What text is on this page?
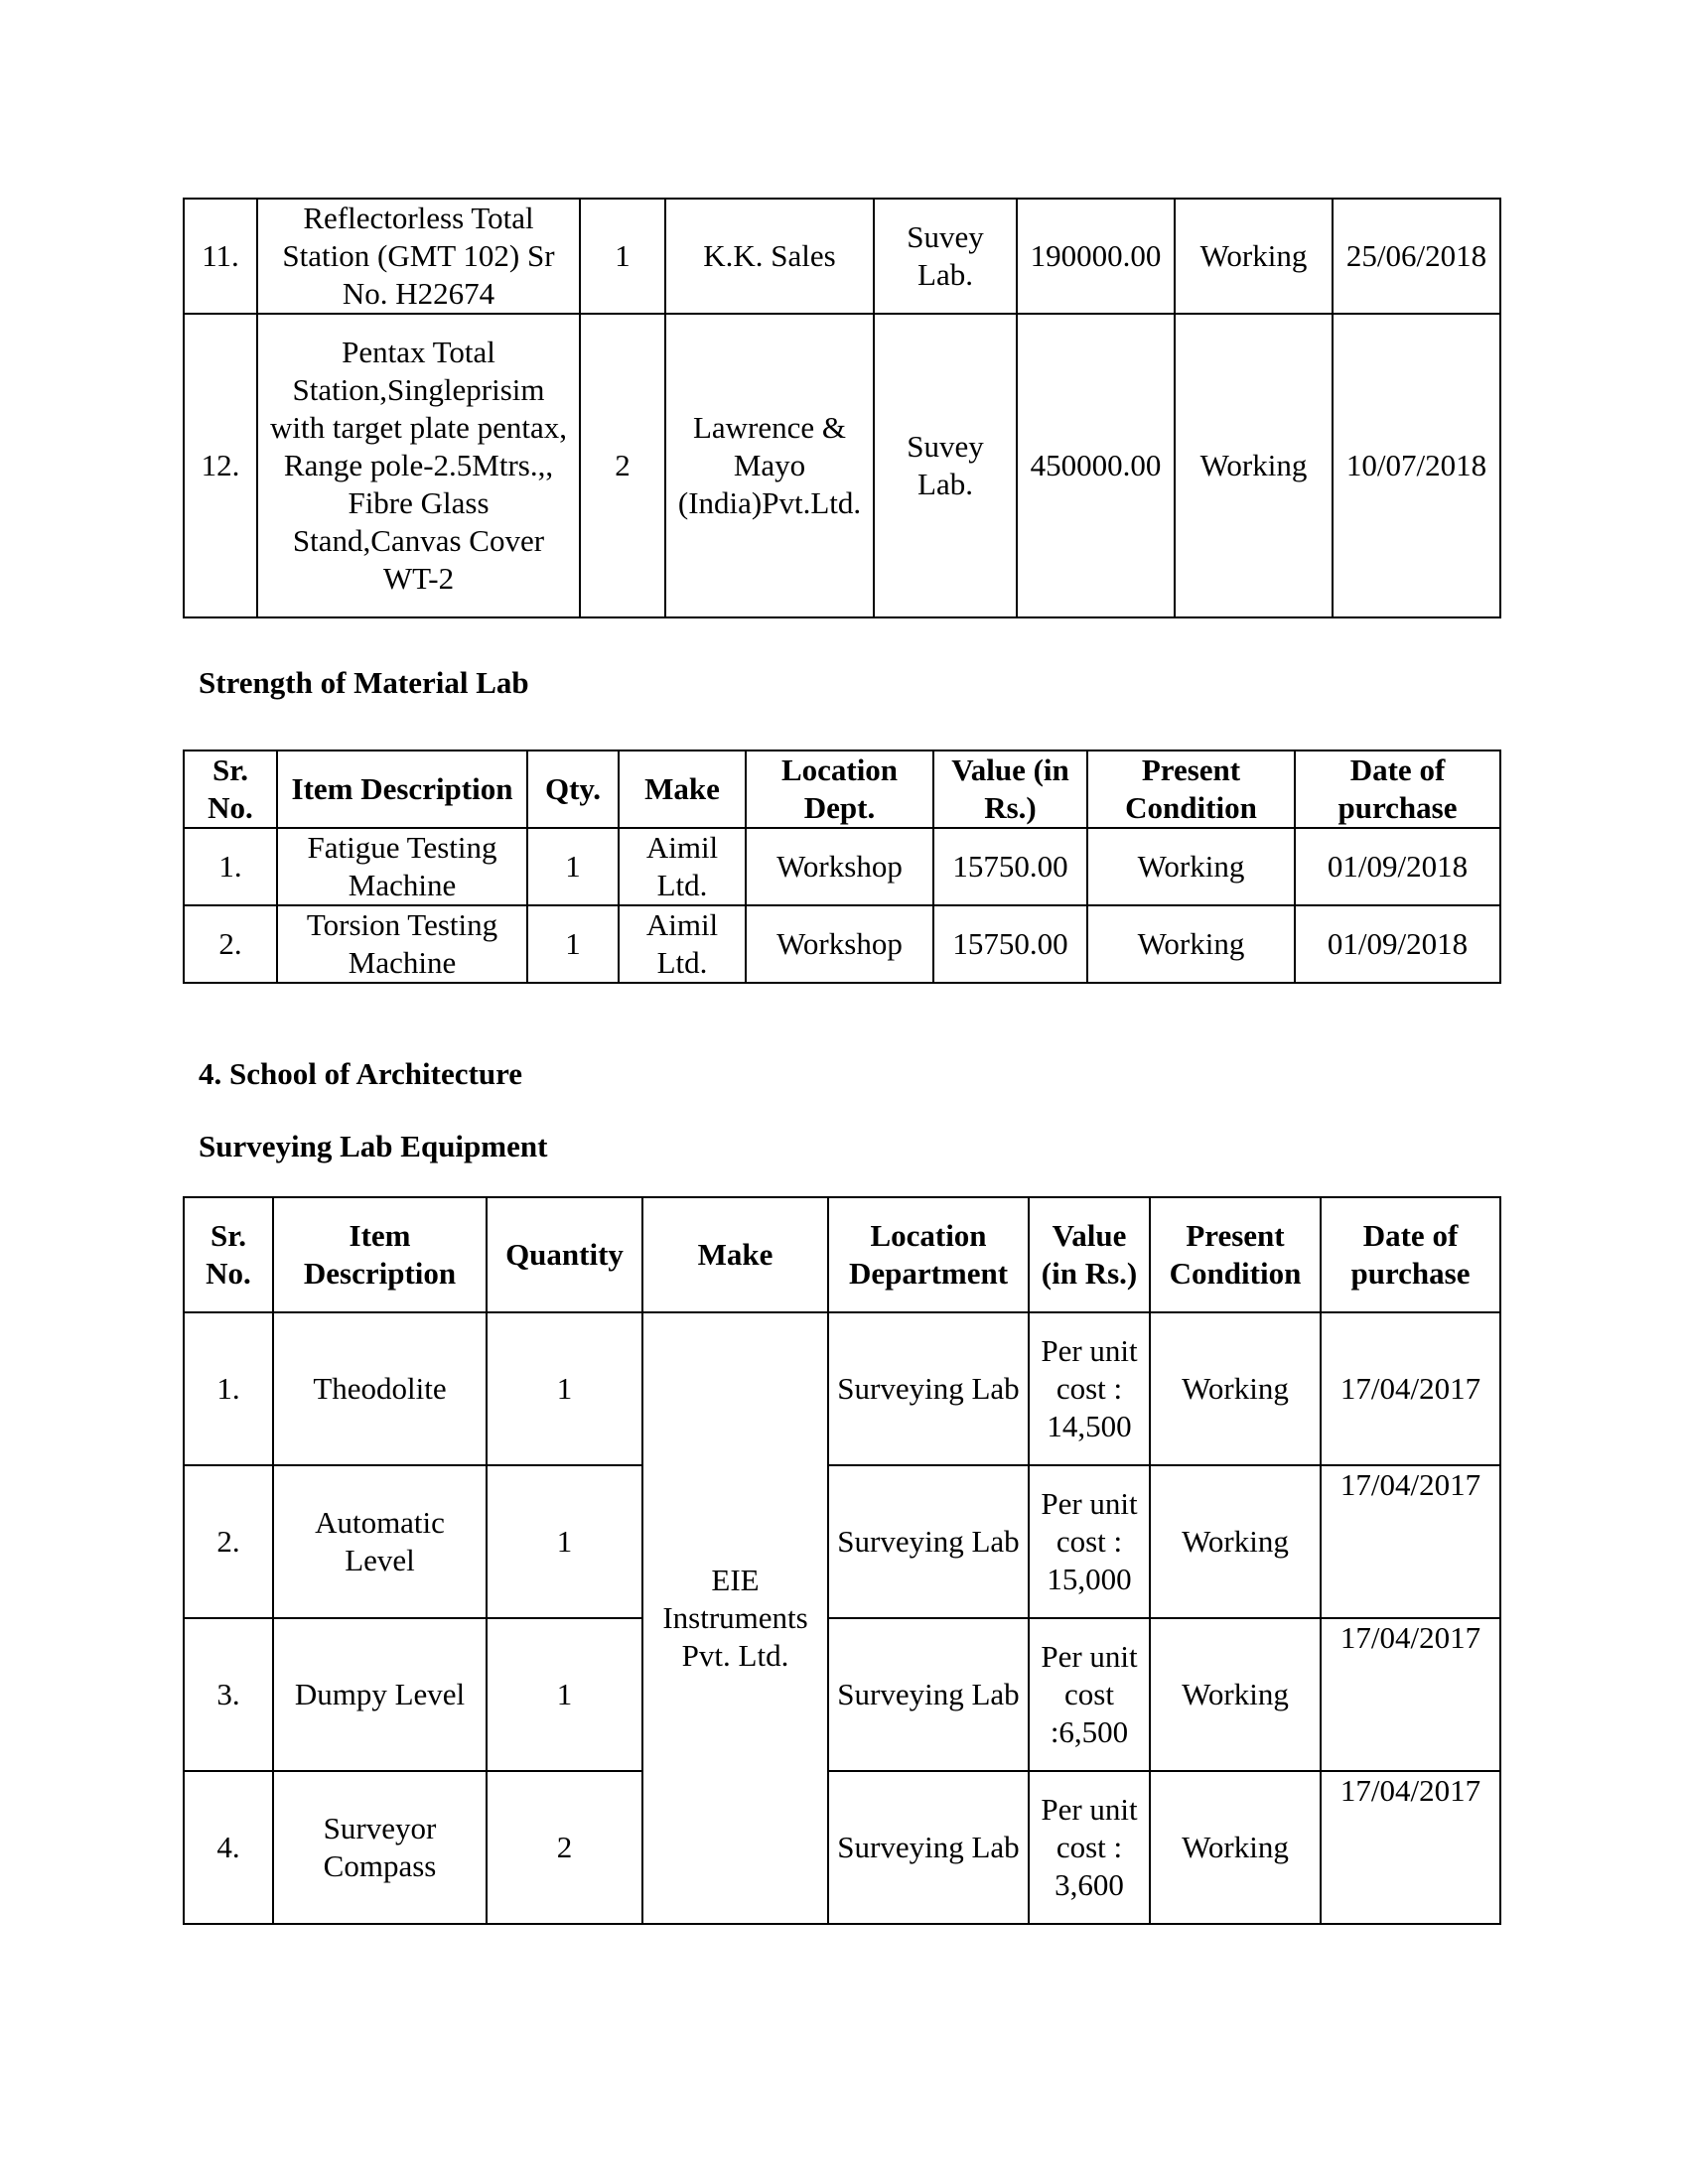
11.	Reflectorless Total Station (GMT 102) Sr No. H22674	1	K.K. Sales	Suvey Lab.	190000.00	Working	25/06/2018
12.	Pentax Total Station,Singleprisim with target plate pentax, Range pole-2.5Mtrs.,, Fibre Glass Stand,Canvas Cover WT-2	2	Lawrence & Mayo (India)Pvt.Ltd.	Suvey Lab.	450000.00	Working	10/07/2018

Strength of Material Lab

Sr. No.	Item Description	Qty.	Make	Location Dept.	Value (in Rs.)	Present Condition	Date of purchase
1.	Fatigue Testing Machine	1	Aimil Ltd.	Workshop	15750.00	Working	01/09/2018
2.	Torsion Testing Machine	1	Aimil Ltd.	Workshop	15750.00	Working	01/09/2018

4. School of Architecture

Surveying Lab Equipment

Sr. No.	Item Description	Quantity	Make	Location Department	Value (in Rs.)	Present Condition	Date of purchase
1.	Theodolite	1	EIE Instruments Pvt. Ltd.	Surveying Lab	Per unit cost : 14,500	Working	17/04/2017
2.	Automatic Level	1		Surveying Lab	Per unit cost : 15,000	Working	17/04/2017
3.	Dumpy Level	1		Surveying Lab	Per unit cost :6,500	Working	17/04/2017
4.	Surveyor Compass	2		Surveying Lab	Per unit cost : 3,600	Working	17/04/2017
